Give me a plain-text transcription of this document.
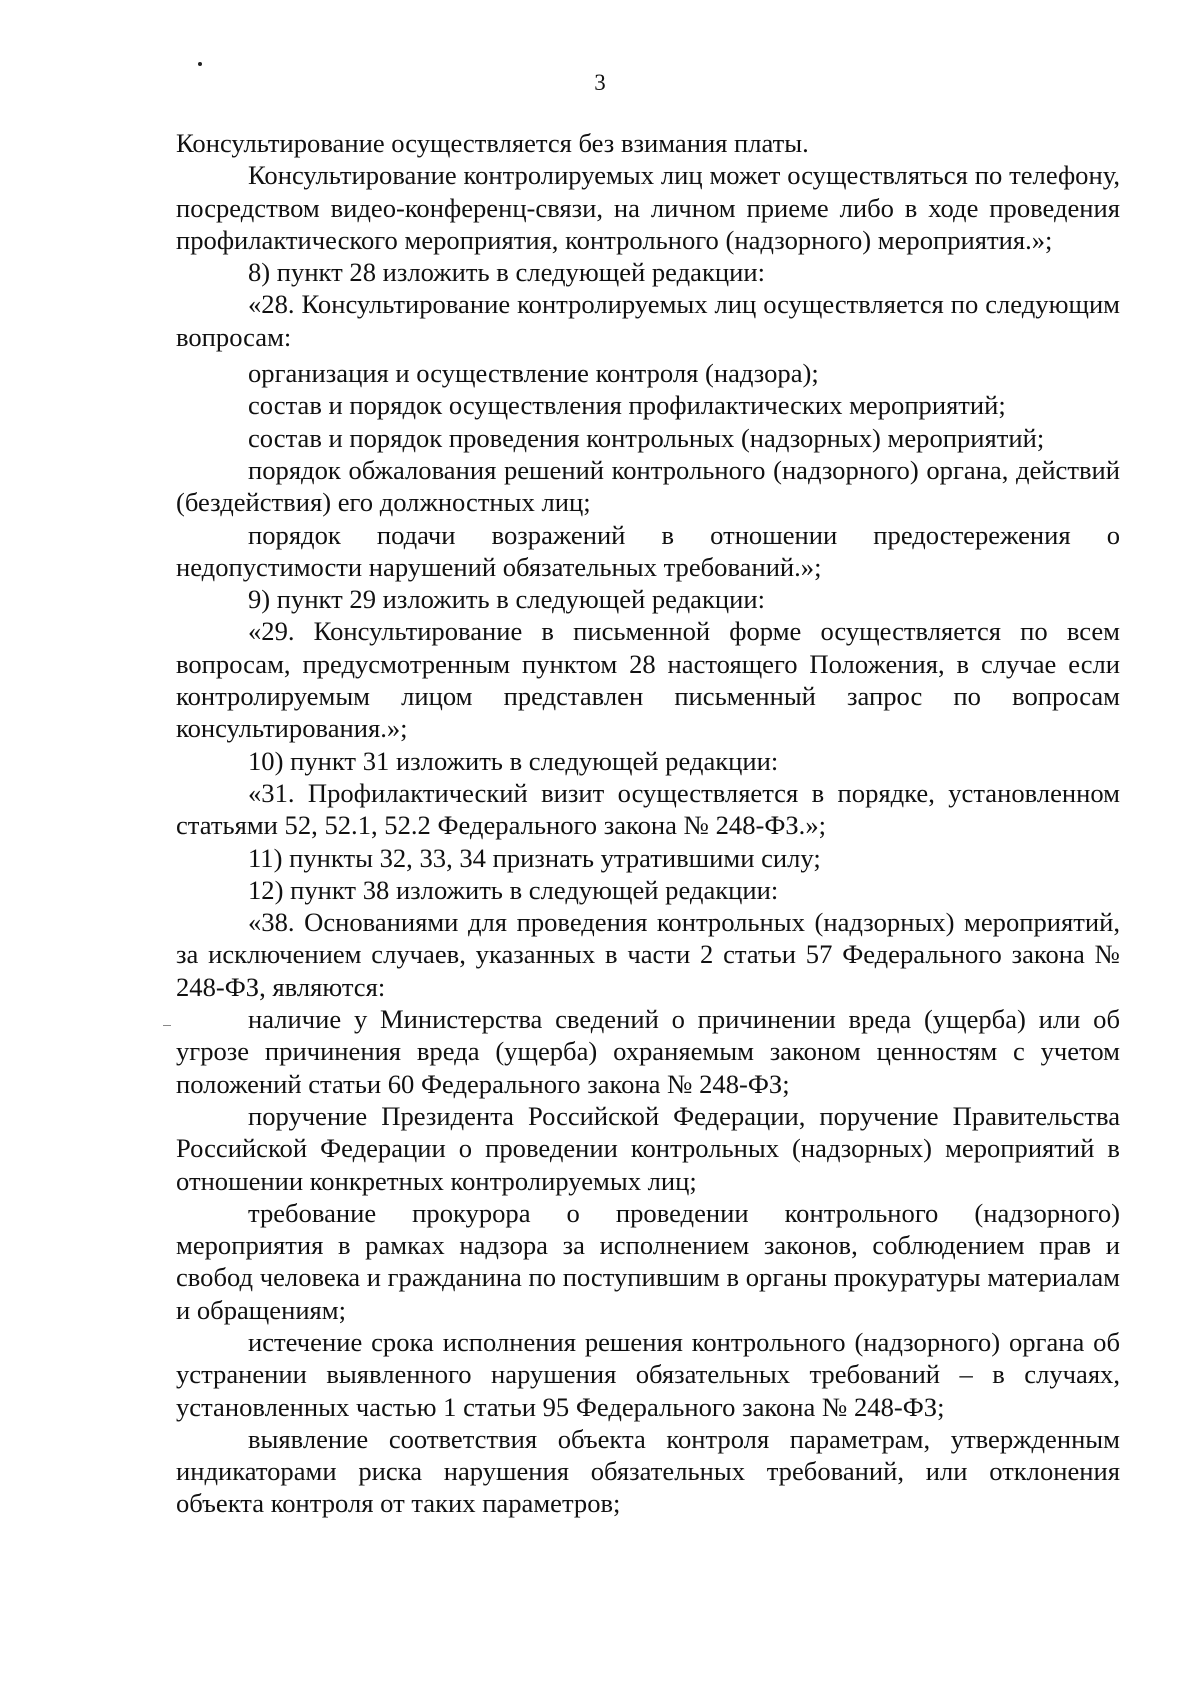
3

Консультирование осуществляется без взимания платы.

Консультирование контролируемых лиц может осуществляться по телефону, посредством видео-конференц-связи, на личном приеме либо в ходе проведения профилактического мероприятия, контрольного (надзорного) мероприятия.»;

8) пункт 28 изложить в следующей редакции:

«28. Консультирование контролируемых лиц осуществляется по следующим вопросам:

организация и осуществление контроля (надзора);

состав и порядок осуществления профилактических мероприятий;

состав и порядок проведения контрольных (надзорных) мероприятий;

порядок обжалования решений контрольного (надзорного) органа, действий (бездействия) его должностных лиц;

порядок подачи возражений в отношении предостережения о недопустимости нарушений обязательных требований.»;

9) пункт 29 изложить в следующей редакции:

«29. Консультирование в письменной форме осуществляется по всем вопросам, предусмотренным пунктом 28 настоящего Положения, в случае если контролируемым лицом представлен письменный запрос по вопросам консультирования.»;

10) пункт 31 изложить в следующей редакции:

«31. Профилактический визит осуществляется в порядке, установленном статьями 52, 52.1, 52.2 Федерального закона № 248-ФЗ.»;

11) пункты 32, 33, 34 признать утратившими силу;

12) пункт 38 изложить в следующей редакции:

«38. Основаниями для проведения контрольных (надзорных) мероприятий, за исключением случаев, указанных в части 2 статьи 57 Федерального закона № 248-ФЗ, являются:

наличие у Министерства сведений о причинении вреда (ущерба) или об угрозе причинения вреда (ущерба) охраняемым законом ценностям с учетом положений статьи 60 Федерального закона № 248-ФЗ;

поручение Президента Российской Федерации, поручение Правительства Российской Федерации о проведении контрольных (надзорных) мероприятий в отношении конкретных контролируемых лиц;

требование прокурора о проведении контрольного (надзорного) мероприятия в рамках надзора за исполнением законов, соблюдением прав и свобод человека и гражданина по поступившим в органы прокуратуры материалам и обращениям;

истечение срока исполнения решения контрольного (надзорного) органа об устранении выявленного нарушения обязательных требований – в случаях, установленных частью 1 статьи 95 Федерального закона № 248-ФЗ;

выявление соответствия объекта контроля параметрам, утвержденным индикаторами риска нарушения обязательных требований, или отклонения объекта контроля от таких параметров;
